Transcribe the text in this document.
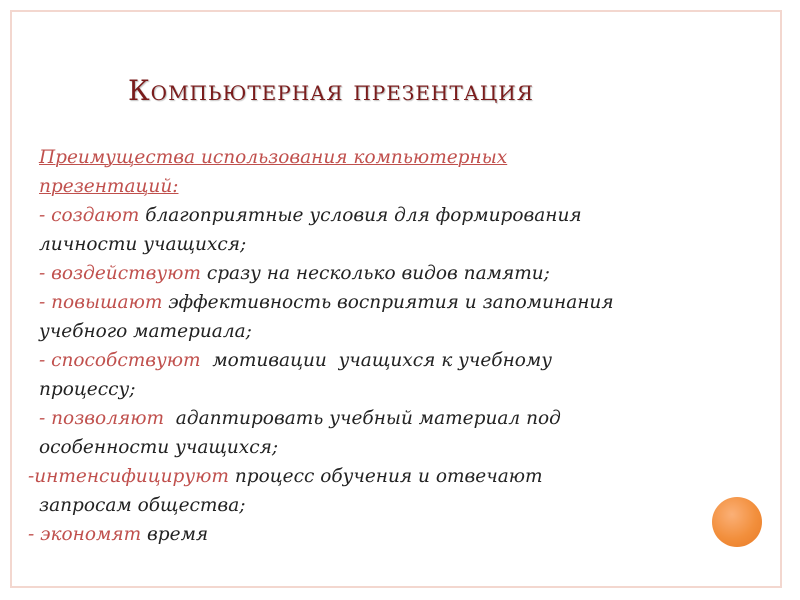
Компьютерная презентация
Преимущества использования компьютерных
презентаций:
- создают благоприятные условия для формирования
личности учащихся;
- воздействуют сразу на несколько видов памяти;
- повышают эффективность восприятия и запоминания
учебного материала;
- способствуют  мотивации  учащихся к учебному
процессу;
- позволяют  адаптировать учебный материал под
особенности учащихся;
-интенсифицируют процесс обучения и отвечают
запросам общества;
- экономят время
